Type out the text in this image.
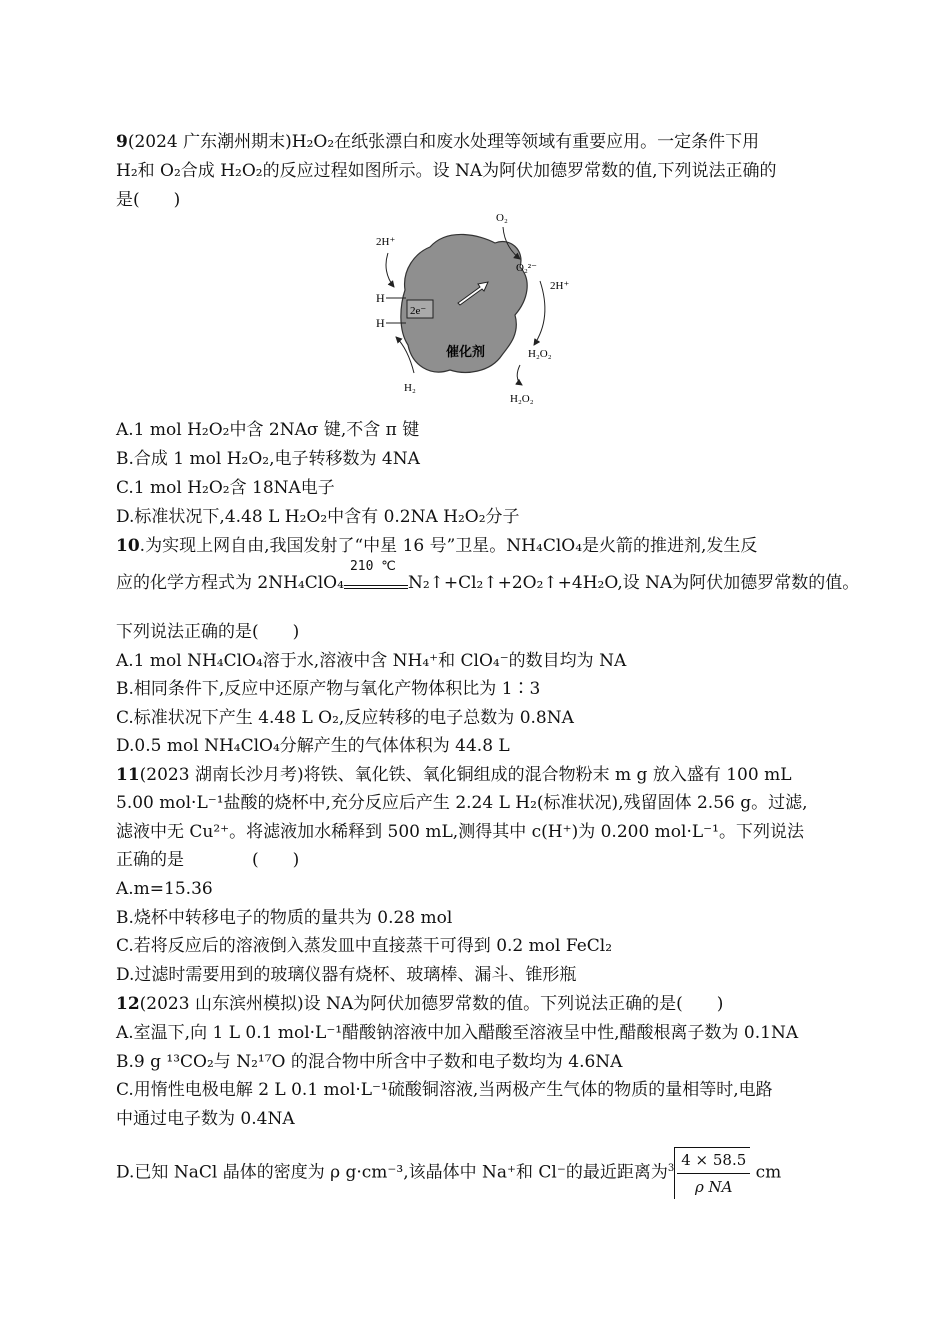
9(2024 广东潮州期末)H₂O₂在纸张漂白和废水处理等领域有重要应用。一定条件下用
H₂和 O₂合成 H₂O₂的反应过程如图所示。设 NA为阿伏加德罗常数的值,下列说法正确的
是(　　)
2e⁻
催化剂
2H⁺
H
H
H₂
O₂
O₂²⁻
2H⁺
H₂O₂
H₂O₂
A.1 mol H₂O₂中含 2NAσ 键,不含 π 键
B.合成 1 mol H₂O₂,电子转移数为 4NA
C.1 mol H₂O₂含 18NA电子
D.标准状况下,4.48 L H₂O₂中含有 0.2NA H₂O₂分子
10.为实现上网自由,我国发射了“中星 16 号”卫星。NH₄ClO₄是火箭的推进剂,发生反
应的化学方程式为 2NH₄ClO₄
210 ℃
N₂↑+Cl₂↑+2O₂↑+4H₂O,设 NA为阿伏加德罗常数的值。
下列说法正确的是(　　)
A.1 mol NH₄ClO₄溶于水,溶液中含 NH₄⁺和 ClO₄⁻的数目均为 NA
B.相同条件下,反应中还原产物与氧化产物体积比为 1∶3
C.标准状况下产生 4.48 L O₂,反应转移的电子总数为 0.8NA
D.0.5 mol NH₄ClO₄分解产生的气体体积为 44.8 L
11(2023 湖南长沙月考)将铁、氧化铁、氧化铜组成的混合物粉末 m g 放入盛有 100 mL
5.00 mol·L⁻¹盐酸的烧杯中,充分反应后产生 2.24 L H₂(标准状况),残留固体 2.56 g。过滤,
滤液中无 Cu²⁺。将滤液加水稀释到 500 mL,测得其中 c(H⁺)为 0.200 mol·L⁻¹。下列说法
正确的是　　　　(　　)
A.m=15.36
B.烧杯中转移电子的物质的量共为 0.28 mol
C.若将反应后的溶液倒入蒸发皿中直接蒸干可得到 0.2 mol FeCl₂
D.过滤时需要用到的玻璃仪器有烧杯、玻璃棒、漏斗、锥形瓶
12(2023 山东滨州模拟)设 NA为阿伏加德罗常数的值。下列说法正确的是(　　)
A.室温下,向 1 L 0.1 mol·L⁻¹醋酸钠溶液中加入醋酸至溶液呈中性,醋酸根离子数为 0.1NA
B.9 g ¹³CO₂与 N₂¹⁷O 的混合物中所含中子数和电子数均为 4.6NA
C.用惰性电极电解 2 L 0.1 mol·L⁻¹硫酸铜溶液,当两极产生气体的物质的量相等时,电路
中通过电子数为 0.4NA
D.已知 NaCl 晶体的密度为 ρ g·cm⁻³,该晶体中 Na⁺和 Cl⁻的最近距离为$^3 \frac{4 \times 58.5}{\text{ρ NA}}$ cm
